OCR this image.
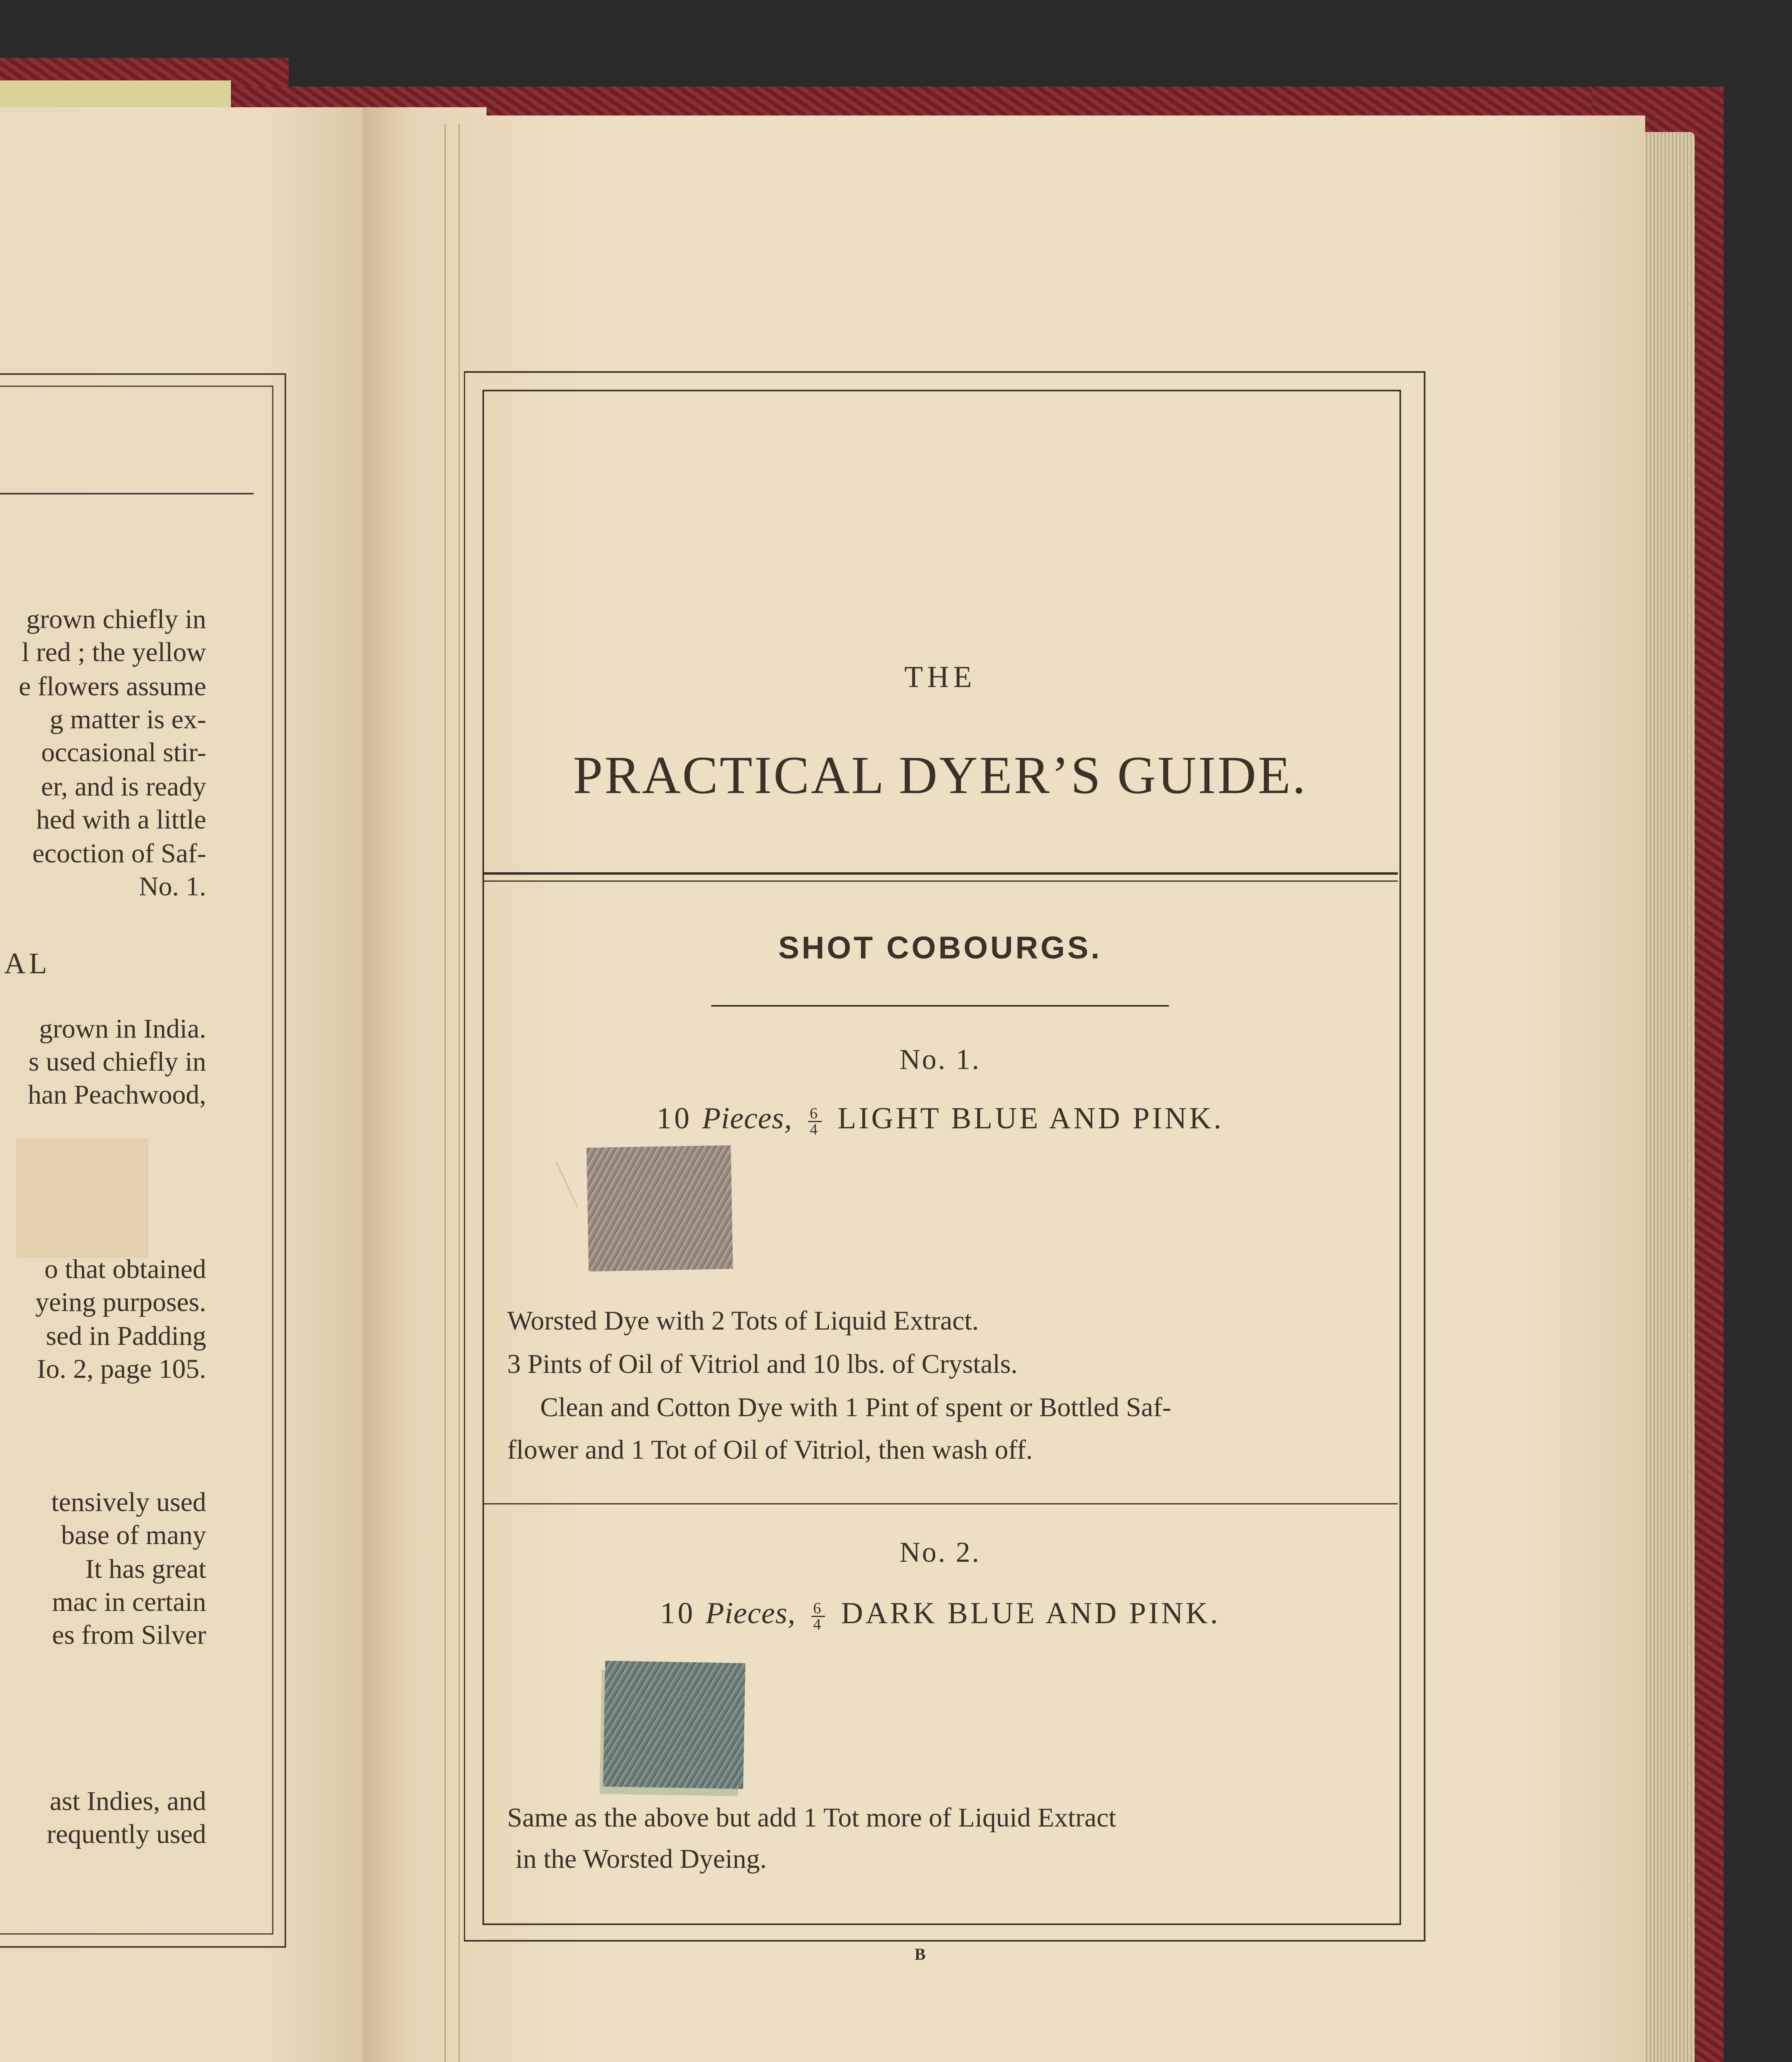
grown chiefly in
l red ; the yellow
e flowers assume
g matter is ex-
occasional stir-
er, and is ready
hed with a little
ecoction of Saf-
No. 1.
grown in India.
s used chiefly in
han Peachwood,
o that obtained
yeing purposes.
sed in Padding
Io. 2, page 105.
tensively used
base of many
It has great
mac in certain
es from Silver
ast Indies, and
requently used
AL
THE
PRACTICAL DYER’S GUIDE.
SHOT COBOURGS.
No. 1.
10 Pieces, $\frac{6}{4}$ LIGHT BLUE AND PINK.
Worsted Dye with 2 Tots of Liquid Extract.
3 Pints of Oil of Vitriol and 10 lbs. of Crystals.
Clean and Cotton Dye with 1 Pint of spent or Bottled Saf-
flower and 1 Tot of Oil of Vitriol, then wash off.
No. 2.
10 Pieces, $\frac{6}{4}$ DARK BLUE AND PINK.
Same as the above but add 1 Tot more of Liquid Extract
in the Worsted Dyeing.
B
